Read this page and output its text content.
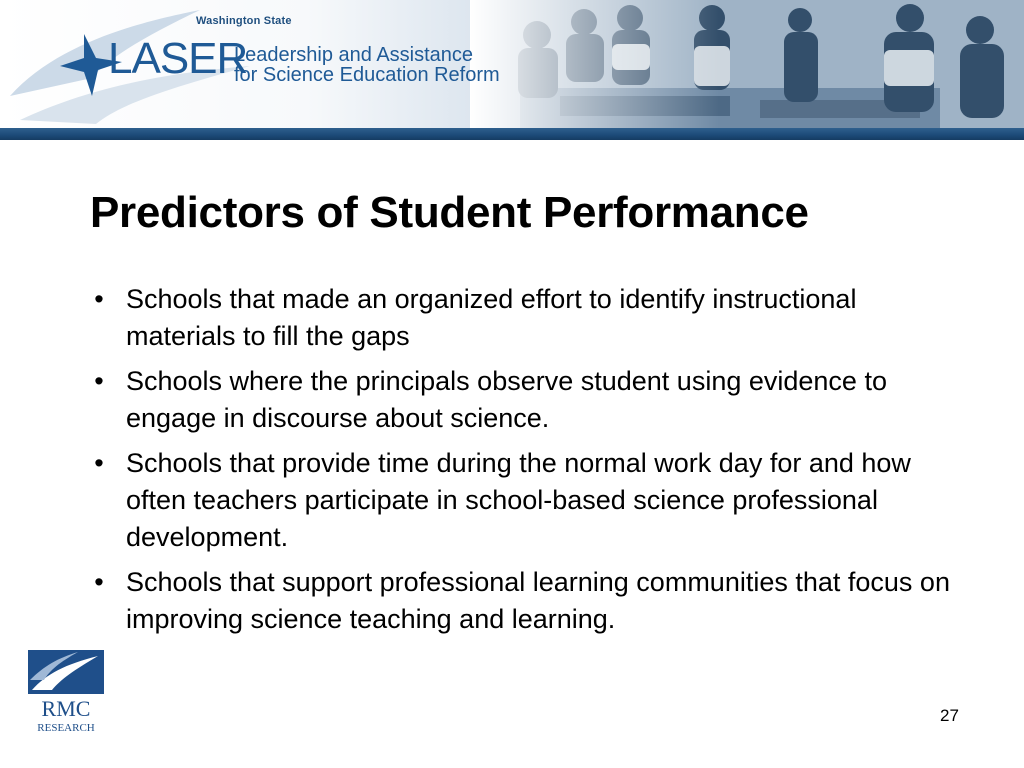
Washington State
LASER
Leadership and Assistance
for Science Education Reform
Predictors of Student Performance
• Schools that made an organized effort to identify instructional materials to fill the gaps
• Schools where the principals observe student using evidence to engage in discourse about science.
• Schools that provide time during the normal work day for and how often teachers participate in school-based science professional development.
• Schools that support professional learning communities that focus on improving science teaching and learning.
RMC
RESEARCH
27
